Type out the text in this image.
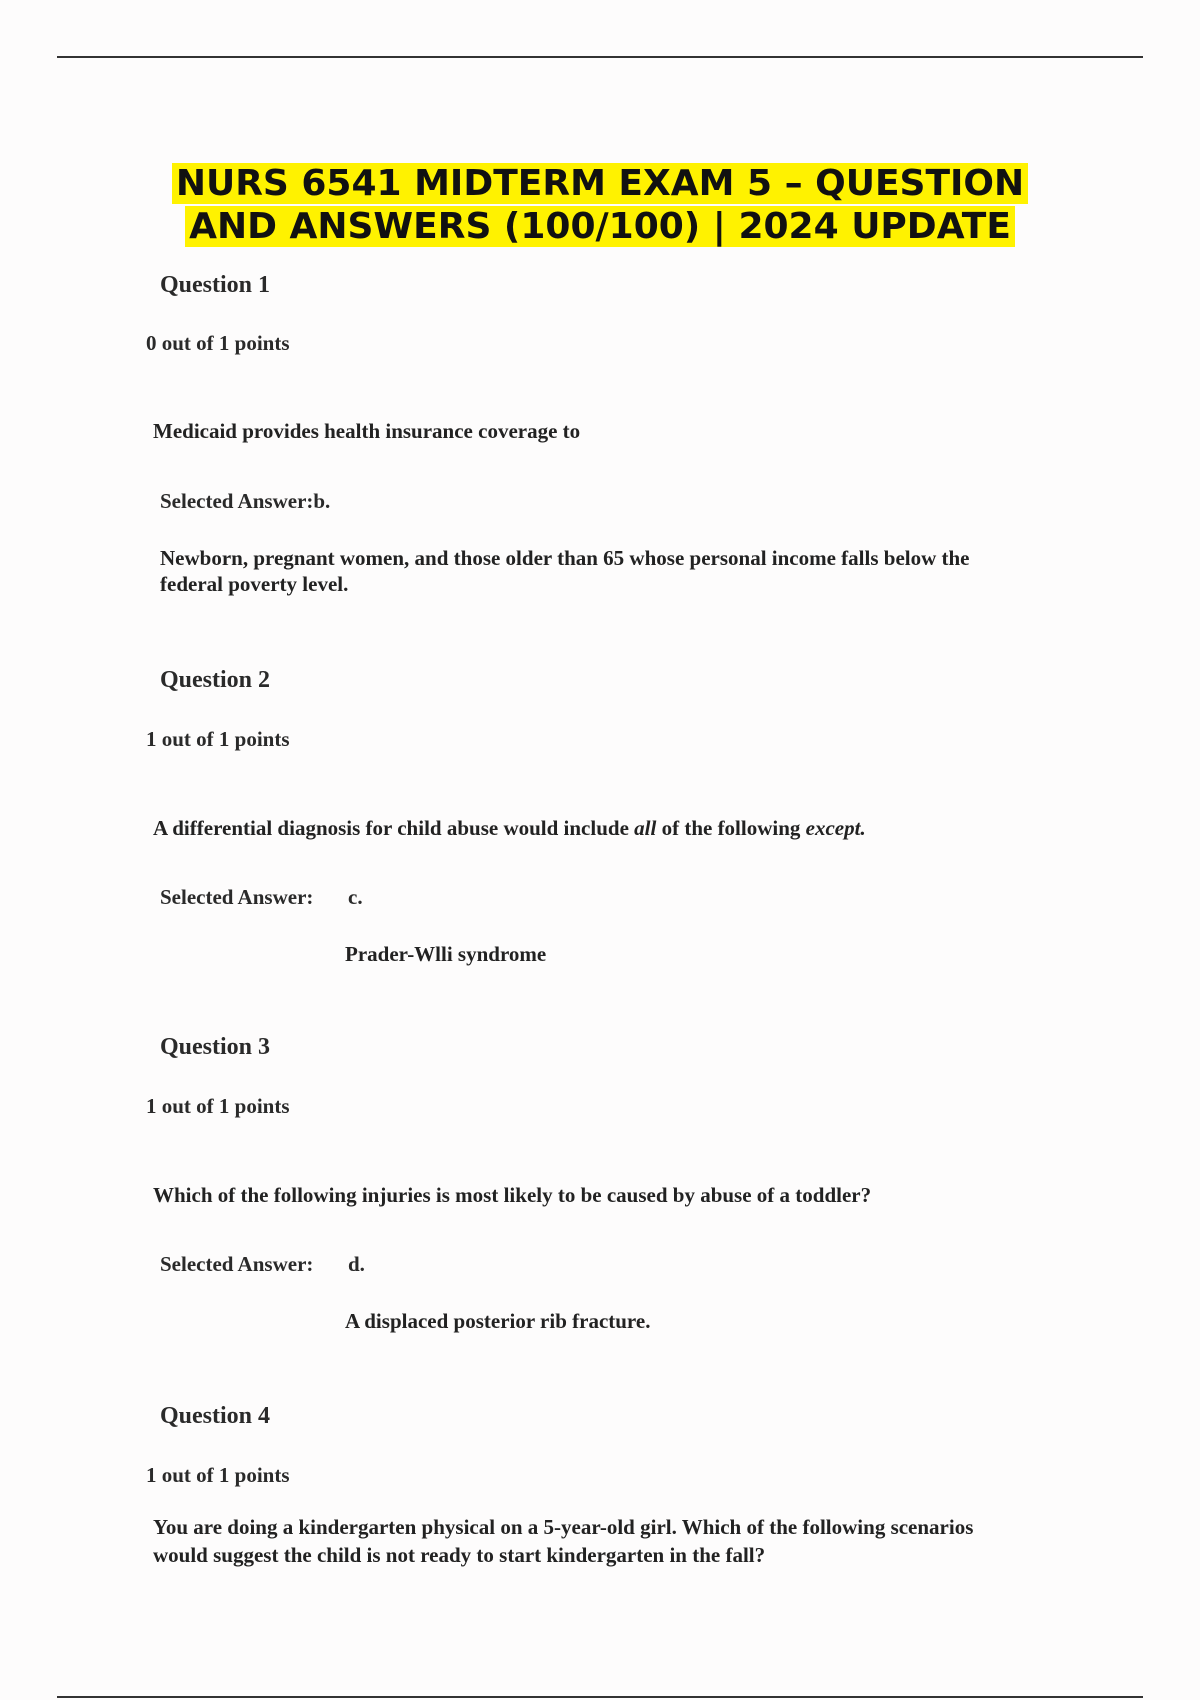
NURS 6541 MIDTERM EXAM 5 – QUESTION
AND ANSWERS (100/100) | 2024 UPDATE
Question 1
0 out of 1 points
Medicaid provides health insurance coverage to
Selected Answer:b.
Newborn, pregnant women, and those older than 65 whose personal income falls below the federal poverty level.
Question 2
1 out of 1 points
A differential diagnosis for child abuse would include all of the following except.
Selected Answer: c.
Prader-Wlli syndrome
Question 3
1 out of 1 points
Which of the following injuries is most likely to be caused by abuse of a toddler?
Selected Answer: d.
A displaced posterior rib fracture.
Question 4
1 out of 1 points
You are doing a kindergarten physical on a 5-year-old girl. Which of the following scenarios would suggest the child is not ready to start kindergarten in the fall?
